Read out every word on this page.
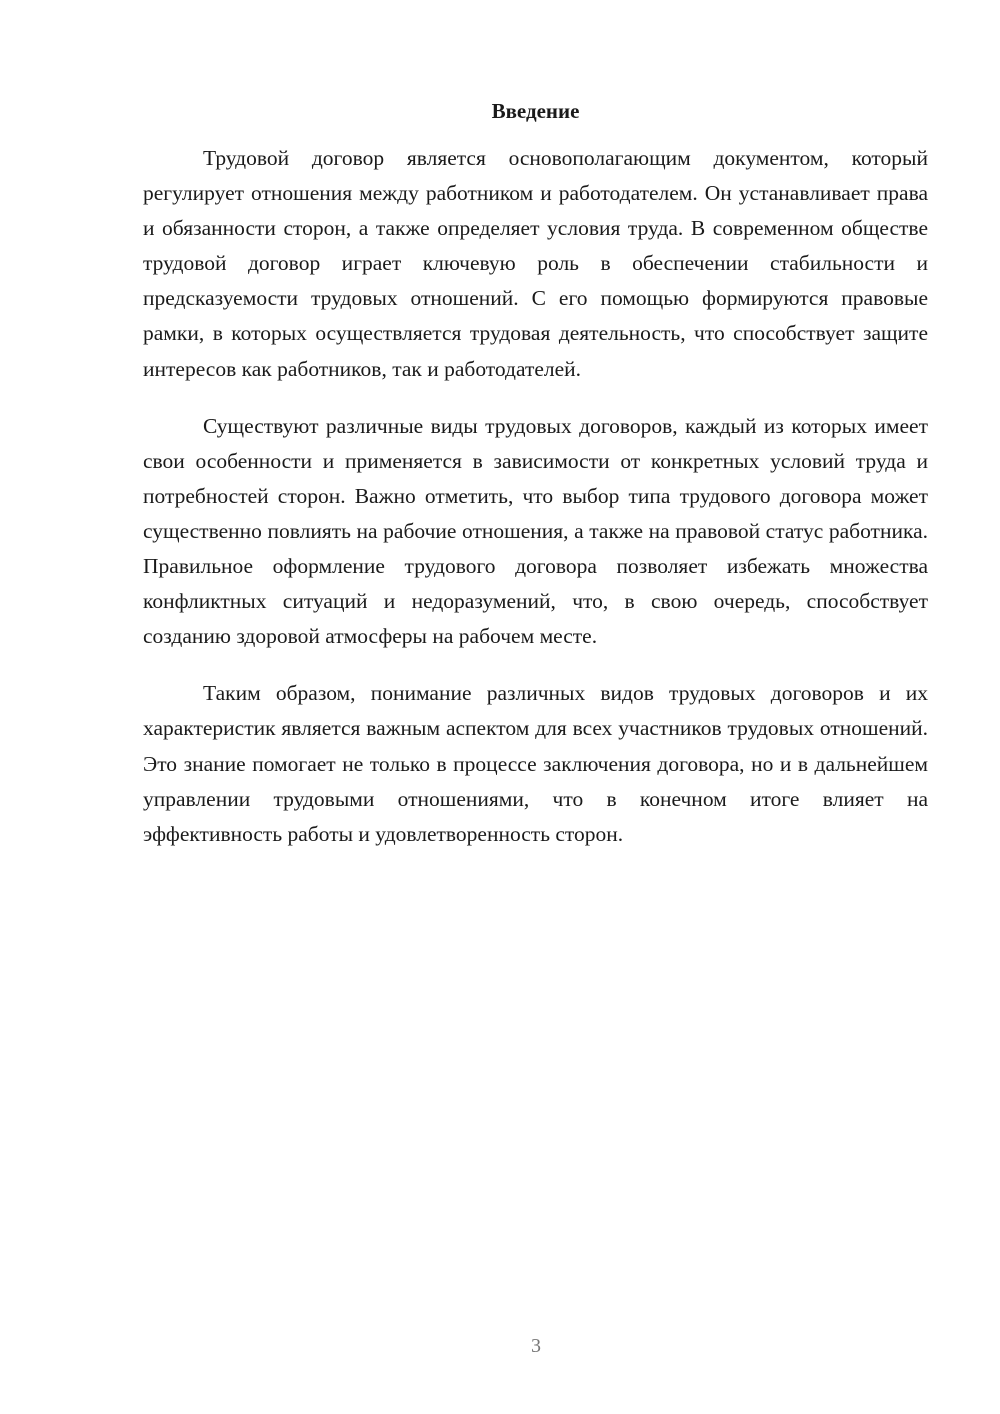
Введение

Трудовой договор является основополагающим документом, который регулирует отношения между работником и работодателем. Он устанавливает права и обязанности сторон, а также определяет условия труда. В современном обществе трудовой договор играет ключевую роль в обеспечении стабильности и предсказуемости трудовых отношений. С его помощью формируются правовые рамки, в которых осуществляется трудовая деятельность, что способствует защите интересов как работников, так и работодателей.

Существуют различные виды трудовых договоров, каждый из которых имеет свои особенности и применяется в зависимости от конкретных условий труда и потребностей сторон. Важно отметить, что выбор типа трудового договора может существенно повлиять на рабочие отношения, а также на правовой статус работника. Правильное оформление трудового договора позволяет избежать множества конфликтных ситуаций и недоразумений, что, в свою очередь, способствует созданию здоровой атмосферы на рабочем месте.

Таким образом, понимание различных видов трудовых договоров и их характеристик является важным аспектом для всех участников трудовых отношений. Это знание помогает не только в процессе заключения договора, но и в дальнейшем управлении трудовыми отношениями, что в конечном итоге влияет на эффективность работы и удовлетворенность сторон.

3
